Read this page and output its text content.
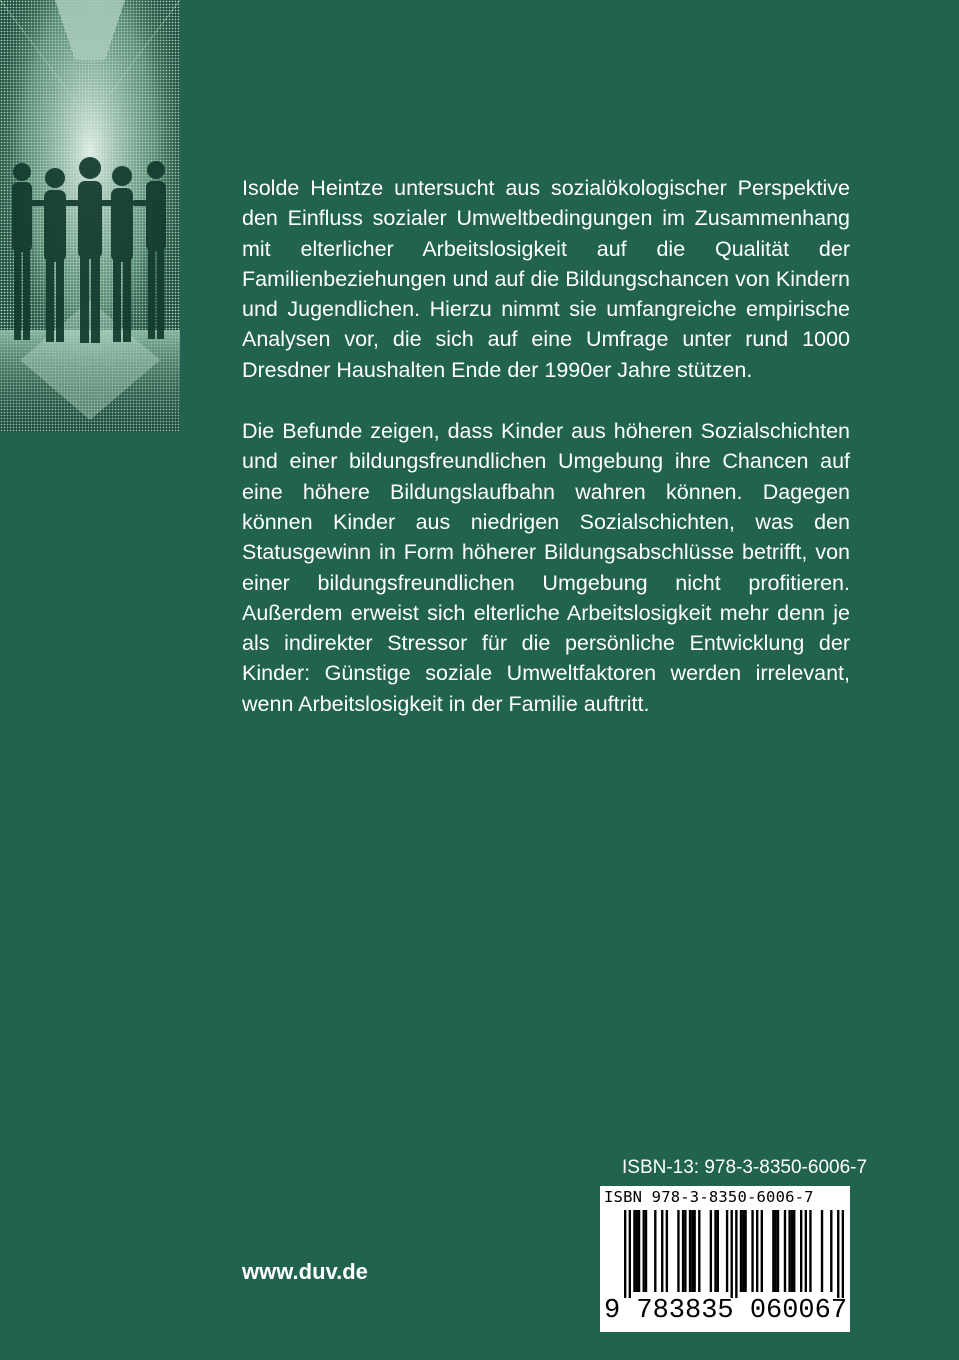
Isolde Heintze untersucht aus sozialökologischer Perspektive den Einfluss sozialer Umweltbedingungen im Zusammenhang mit elterlicher Arbeitslosigkeit auf die Qualität der Familienbeziehungen und auf die Bildungschancen von Kindern und Jugendlichen. Hierzu nimmt sie umfangreiche empirische Analysen vor, die sich auf eine Umfrage unter rund 1000 Dresdner Haushalten Ende der 1990er Jahre stützen.

Die Befunde zeigen, dass Kinder aus höheren Sozialschichten und einer bildungsfreundlichen Umgebung ihre Chancen auf eine höhere Bildungslaufbahn wahren können. Dagegen können Kinder aus niedrigen Sozialschichten, was den Statusgewinn in Form höherer Bildungsabschlüsse betrifft, von einer bildungsfreundlichen Umgebung nicht profitieren. Außerdem erweist sich elterliche Arbeitslosigkeit mehr denn je als indirekter Stressor für die persönliche Entwicklung der Kinder: Günstige soziale Umweltfaktoren werden irrelevant, wenn Arbeitslosigkeit in der Familie auftritt.

www.duv.de
ISBN-13: 978-3-8350-6006-7
ISBN 978-3-8350-6006-7
9 783835 060067
